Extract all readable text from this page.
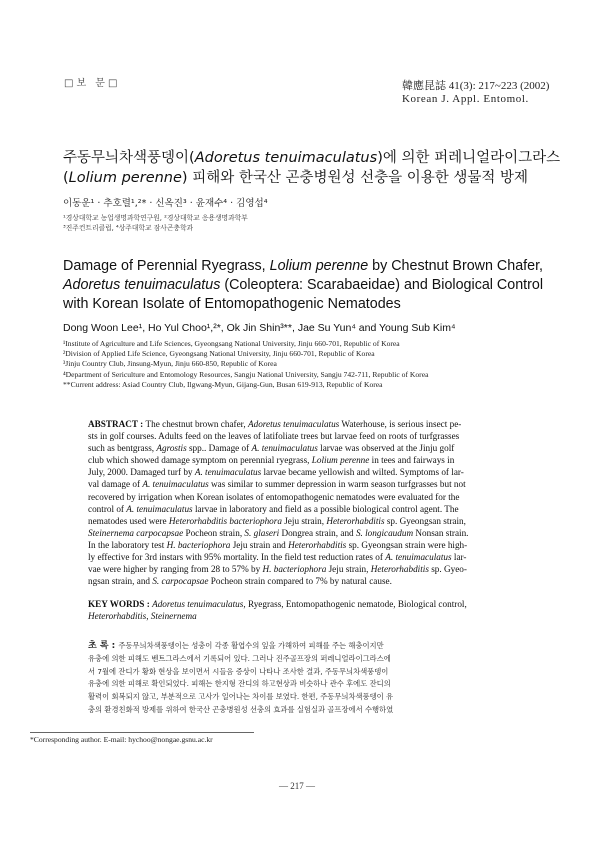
□보 문□	韓應昆誌 41(3): 217~223 (2002)
Korean J. Appl. Entomol.
주동무늬차색풍뎅이(Adoretus tenuimaculatus)에 의한 퍼레니얼라이그라스
(Lolium perenne) 피해와 한국산 곤충병원성 선충을 이용한 생물적 방제
이동운¹ · 추호렬¹,²* · 신옥진³ · 윤재수⁴ · 김영섭⁴
¹경상대학교 농업생명과학연구원, ²경상대학교 응용생명과학부
³진주컨트리클럽, ⁴상주대학교 잠사곤충학과
Damage of Perennial Ryegrass, Lolium perenne by Chestnut Brown Chafer,
Adoretus tenuimaculatus (Coleoptera: Scarabaeidae) and Biological Control
with Korean Isolate of Entomopathogenic Nematodes
Dong Woon Lee¹, Ho Yul Choo¹,²*, Ok Jin Shin³**, Jae Su Yun⁴ and Young Sub Kim⁴
¹Institute of Agriculture and Life Sciences, Gyeongsang National University, Jinju 660-701, Republic of Korea
²Division of Applied Life Science, Gyeongsang National University, Jinju 660-701, Republic of Korea
³Jinju Country Club, Jinsung-Myun, Jinju 660-850, Republic of Korea
⁴Department of Sericulture and Entomology Resources, Sangju National University, Sangju 742-711, Republic of Korea
**Current address: Asiad Country Club, Ilgwang-Myun, Gijang-Gun, Busan 619-913, Republic of Korea
ABSTRACT : The chestnut brown chafer, Adoretus tenuimaculatus Waterhouse, is serious insect pe-
sts in golf courses. Adults feed on the leaves of latifoliate trees but larvae feed on roots of turfgrasses
such as bentgrass, Agrostis spp.. Damage of A. tenuimaculatus larvae was observed at the Jinju golf
club which showed damage symptom on perennial ryegrass, Lolium perenne in tees and fairways in
July, 2000. Damaged turf by A. tenuimaculatus larvae became yellowish and wilted. Symptoms of lar-
val damage of A. tenuimaculatus was similar to summer depression in warm season turfgrasses but not
recovered by irrigation when Korean isolates of entomopathogenic nematodes were evaluated for the
control of A. tenuimaculatus larvae in laboratory and field as a possible biological control agent. The
nematodes used were Heterorhabditis bacteriophora Jeju strain, Heterorhabditis sp. Gyeongsan strain,
Steinernema carpocapsae Pocheon strain, S. glaseri Dongrea strain, and S. longicaudum Nonsan strain.
In the laboratory test H. bacteriophora Jeju strain and Heterorhabditis sp. Gyeongsan strain were high-
ly effective for 3rd instars with 95% mortality. In the field test reduction rates of A. tenuimaculatus lar-
vae were higher by ranging from 28 to 57% by H. bacteriophora Jeju strain, Heterorhabditis sp. Gyeo-
ngsan strain, and S. carpocapsae Pocheon strain compared to 7% by natural cause.
KEY WORDS : Adoretus tenuimaculatus, Ryegrass, Entomopathogenic nematode, Biological control,
Heterorhabditis, Steinernema
초 록 : 주동무늬차색풍뎅이는 성충이 각종 활엽수의 잎을 가해하여 피해를 주는 해충이지만
유충에 의한 피해도 벤트그라스에서 기록되어 있다. 그러나 진주골프장의 퍼레니얼라이그라스에
서 7월에 잔디가 황화 현상을 보이면서 시들음 증상이 나타나 조사한 결과, 주동무늬차색풍뎅이
유충에 의한 피해로 확인되었다. 피해는 한지형 잔디의 하고현상과 비슷하나 관수 후에도 잔디의
활력이 회복되지 않고, 부분적으로 고사가 일어나는 차이를 보였다. 한편, 주동무늬차색풍뎅이 유
충의 환경친화적 방제를 위하여 한국산 곤충병원성 선충의 효과를 실험실과 골프장에서 수행하였
*Corresponding author. E-mail: hychoo@nongae.gsnu.ac.kr
— 217 —
